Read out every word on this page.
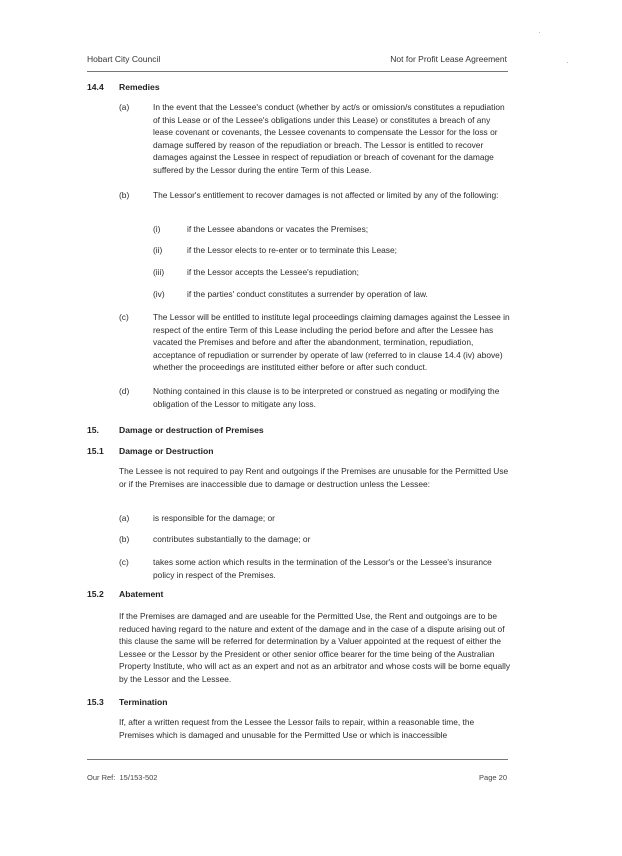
Hobart City Council	Not for Profit Lease Agreement
14.4 Remedies
(a)	In the event that the Lessee's conduct (whether by act/s or omission/s constitutes a repudiation of this Lease or of the Lessee's obligations under this Lease) or constitutes a breach of any lease covenant or covenants, the Lessee covenants to compensate the Lessor for the loss or damage suffered by reason of the repudiation or breach. The Lessor is entitled to recover damages against the Lessee in respect of repudiation or breach of covenant for the damage suffered by the Lessor during the entire Term of this Lease.
(b)	The Lessor's entitlement to recover damages is not affected or limited by any of the following:
(i)	if the Lessee abandons or vacates the Premises;
(ii)	if the Lessor elects to re-enter or to terminate this Lease;
(iii)	if the Lessor accepts the Lessee's repudiation;
(iv)	if the parties' conduct constitutes a surrender by operation of law.
(c)	The Lessor will be entitled to institute legal proceedings claiming damages against the Lessee in respect of the entire Term of this Lease including the period before and after the Lessee has vacated the Premises and before and after the abandonment, termination, repudiation, acceptance of repudiation or surrender by operate of law (referred to in clause 14.4 (iv) above) whether the proceedings are instituted either before or after such conduct.
(d)	Nothing contained in this clause is to be interpreted or construed as negating or modifying the obligation of the Lessor to mitigate any loss.
15. Damage or destruction of Premises
15.1 Damage or Destruction
The Lessee is not required to pay Rent and outgoings if the Premises are unusable for the Permitted Use or if the Premises are inaccessible due to damage or destruction unless the Lessee:
(a)	is responsible for the damage; or
(b)	contributes substantially to the damage; or
(c)	takes some action which results in the termination of the Lessor's or the Lessee's insurance policy in respect of the Premises.
15.2 Abatement
If the Premises are damaged and are useable for the Permitted Use, the Rent and outgoings are to be reduced having regard to the nature and extent of the damage and in the case of a dispute arising out of this clause the same will be referred for determination by a Valuer appointed at the request of either the Lessee or the Lessor by the President or other senior office bearer for the time being of the Australian Property Institute, who will act as an expert and not as an arbitrator and whose costs will be borne equally by the Lessor and the Lessee.
15.3 Termination
If, after a written request from the Lessee the Lessor fails to repair, within a reasonable time, the Premises which is damaged and unusable for the Permitted Use or which is inaccessible
Our Ref: 15/153-502	Page 20
·
·
